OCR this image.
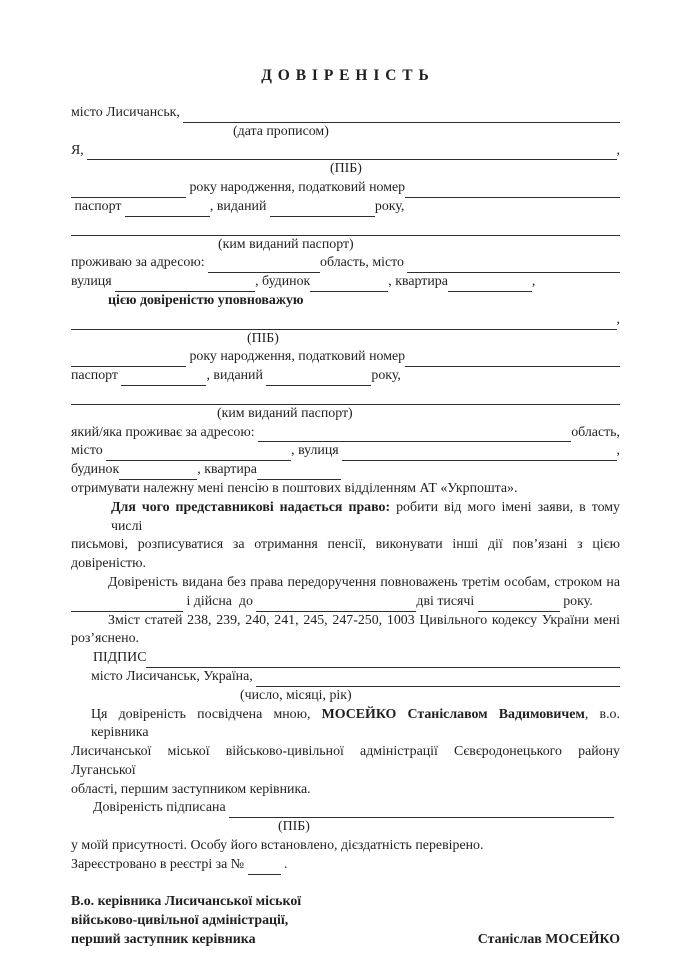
Д О В І Р Е Н І С Т Ь
місто Лисичанськ,
(дата прописом)
Я,	,
(ПІБ)
року народження, податковий номер
паспорт	, виданий	року,
(ким виданий паспорт)
проживаю за адресою:	область, місто
вулиця	, будинок	, квартира	,
цією довіреністю уповноважую
,
(ПІБ)
року народження, податковий номер
паспорт	, виданий	року,
(ким виданий паспорт)
який/яка проживає за адресою:	область,
місто	, вулиця	,
будинок	, квартира
отримувати належну мені пенсію в поштових відділенням АТ «Укрпошта».
Для чого представникові надається право: робити від мого імені заяви, в тому числі
письмові, розписуватися за отримання пенсії, виконувати інші дії пов’язані з цією довіреністю.
Довіреність видана без права передоручення повноважень третім особам, строком на
і дійсна  до	дві тисячі	року.
Зміст статей 238, 239, 240, 241, 245, 247-250, 1003 Цивільного кодексу України мені
роз’яснено.
ПІДПИС
місто Лисичанськ, Україна,
(число, місяці, рік)
Ця довіреність посвідчена мною, МОСЕЙКО Станіславом Вадимовичем, в.о. керівника
Лисичанської міської військово-цивільної адміністрації Сєвєродонецького району Луганської
області, першим заступником керівника.
Довіреність підписана
(ПІБ)
у моїй присутності. Особу його встановлено, дієздатність перевірено.
Зареєстровано в реєстрі за № .
В.о. керівника Лисичанської міської
військово-цивільної адміністрації,
перший заступник керівника	Станіслав МОСЕЙКО
